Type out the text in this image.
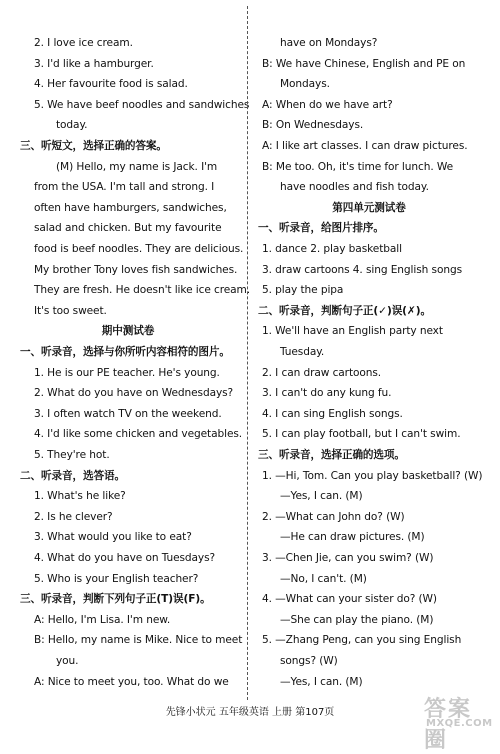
2. I love ice cream.
3. I'd like a hamburger.
4. Her favourite food is salad.
5. We have beef noodles and sandwiches
today.
三、听短文，选择正确的答案。
(M) Hello, my name is Jack. I'm
from the USA. I'm tall and strong. I
often have hamburgers, sandwiches,
salad and chicken. But my favourite
food is beef noodles. They are delicious.
My brother Tony loves fish sandwiches.
They are fresh. He doesn't like ice cream.
It's too sweet.
期中测试卷
一、听录音，选择与你所听内容相符的图片。
1. He is our PE teacher. He's young.
2. What do you have on Wednesdays?
3. I often watch TV on the weekend.
4. I'd like some chicken and vegetables.
5. They're hot.
二、听录音，选答语。
1. What's he like?
2. Is he clever?
3. What would you like to eat?
4. What do you have on Tuesdays?
5. Who is your English teacher?
三、听录音，判断下列句子正(T)误(F)。
A: Hello, I'm Lisa. I'm new.
B: Hello, my name is Mike. Nice to meet
you.
A: Nice to meet you, too. What do we
have on Mondays?
B: We have Chinese, English and PE on
Mondays.
A: When do we have art?
B: On Wednesdays.
A: I like art classes. I can draw pictures.
B: Me too. Oh, it's time for lunch. We
have noodles and fish today.
第四单元测试卷
一、听录音，给图片排序。
1. dance 2. play basketball
3. draw cartoons 4. sing English songs
5. play the pipa
二、听录音，判断句子正(✓)误(✗)。
1. We'll have an English party next
Tuesday.
2. I can draw cartoons.
3. I can't do any kung fu.
4. I can sing English songs.
5. I can play football, but I can't swim.
三、听录音，选择正确的选项。
1. —Hi, Tom. Can you play basketball? (W)
—Yes, I can. (M)
2. —What can John do? (W)
—He can draw pictures. (M)
3. —Chen Jie, can you swim? (W)
—No, I can't. (M)
4. —What can your sister do? (W)
—She can play the piano. (M)
5. —Zhang Peng, can you sing English
songs? (W)
—Yes, I can. (M)
先锋小状元 五年级英语 上册 第107页	答案圈
MXQE.COM
